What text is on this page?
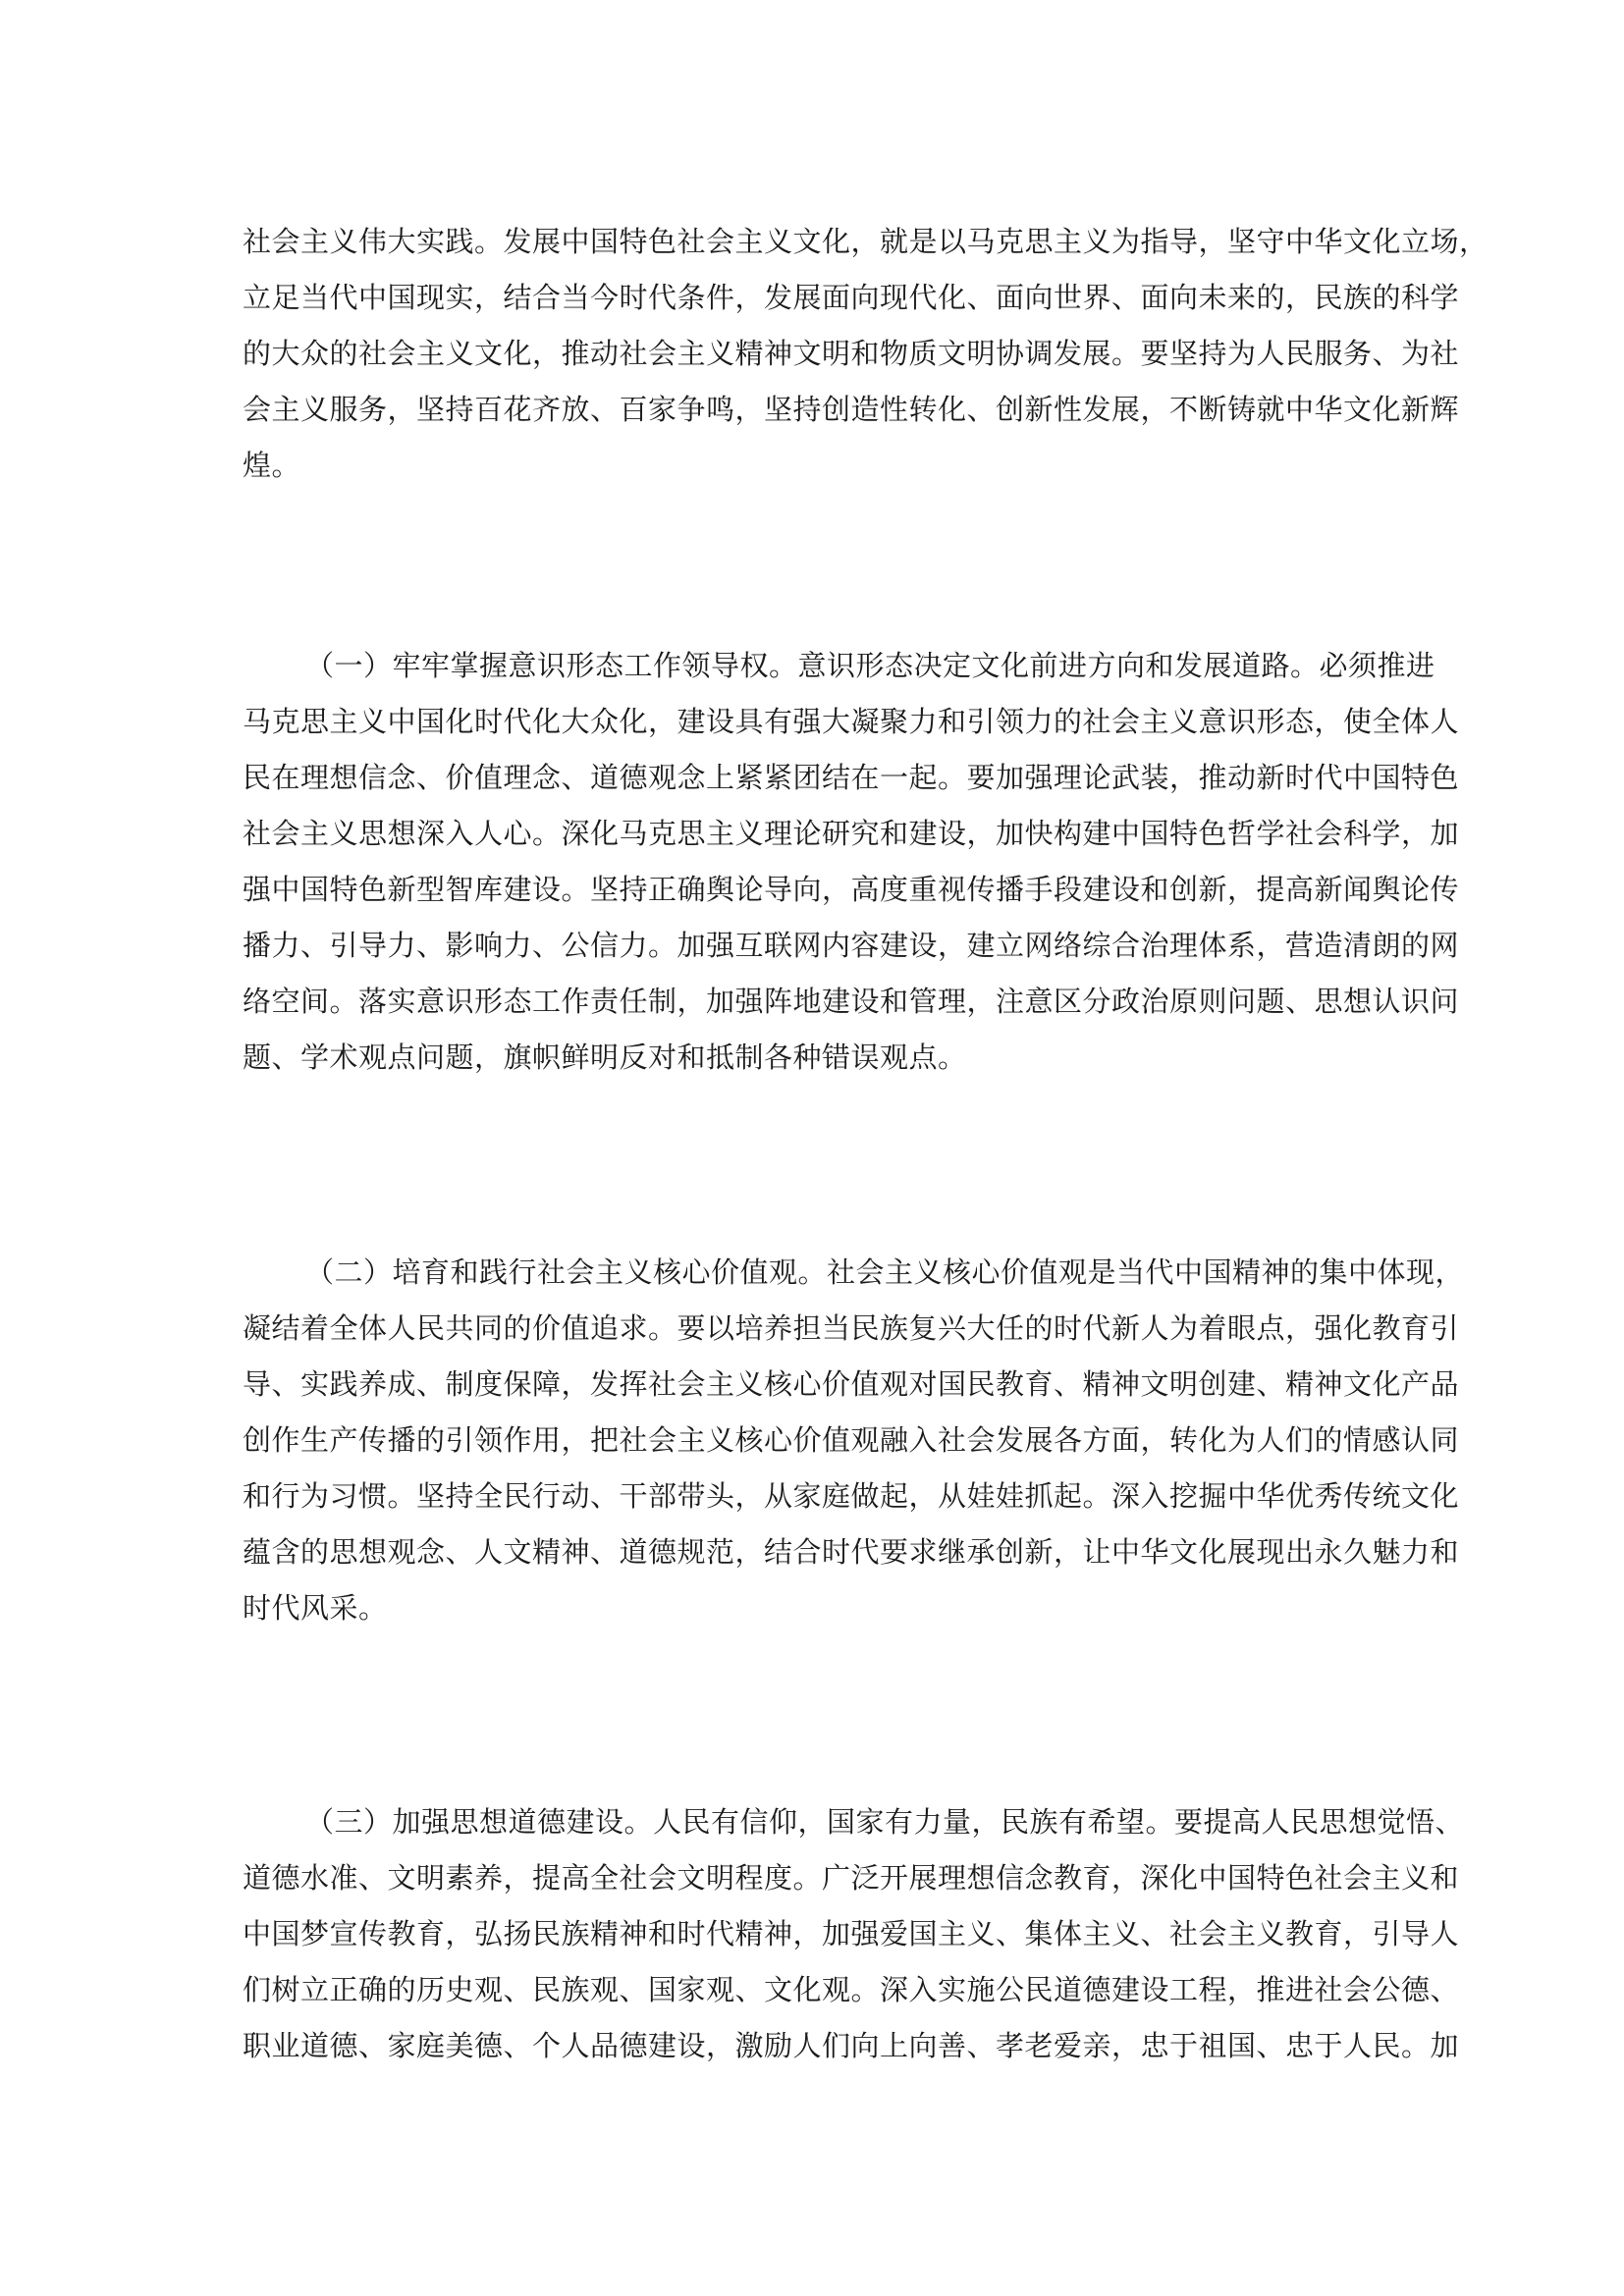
社会主义伟大实践。发展中国特色社会主义文化，就是以马克思主义为指导，坚守中华文化立场，
立足当代中国现实，结合当今时代条件，发展面向现代化、面向世界、面向未来的，民族的科学
的大众的社会主义文化，推动社会主义精神文明和物质文明协调发展。要坚持为人民服务、为社
会主义服务，坚持百花齐放、百家争鸣，坚持创造性转化、创新性发展，不断铸就中华文化新辉
煌。
（一）牢牢掌握意识形态工作领导权。意识形态决定文化前进方向和发展道路。必须推进
马克思主义中国化时代化大众化，建设具有强大凝聚力和引领力的社会主义意识形态，使全体人
民在理想信念、价值理念、道德观念上紧紧团结在一起。要加强理论武装，推动新时代中国特色
社会主义思想深入人心。深化马克思主义理论研究和建设，加快构建中国特色哲学社会科学，加
强中国特色新型智库建设。坚持正确舆论导向，高度重视传播手段建设和创新，提高新闻舆论传
播力、引导力、影响力、公信力。加强互联网内容建设，建立网络综合治理体系，营造清朗的网
络空间。落实意识形态工作责任制，加强阵地建设和管理，注意区分政治原则问题、思想认识问
题、学术观点问题，旗帜鲜明反对和抵制各种错误观点。
（二）培育和践行社会主义核心价值观。社会主义核心价值观是当代中国精神的集中体现，
凝结着全体人民共同的价值追求。要以培养担当民族复兴大任的时代新人为着眼点，强化教育引
导、实践养成、制度保障，发挥社会主义核心价值观对国民教育、精神文明创建、精神文化产品
创作生产传播的引领作用，把社会主义核心价值观融入社会发展各方面，转化为人们的情感认同
和行为习惯。坚持全民行动、干部带头，从家庭做起，从娃娃抓起。深入挖掘中华优秀传统文化
蕴含的思想观念、人文精神、道德规范，结合时代要求继承创新，让中华文化展现出永久魅力和
时代风采。
（三）加强思想道德建设。人民有信仰，国家有力量，民族有希望。要提高人民思想觉悟、
道德水准、文明素养，提高全社会文明程度。广泛开展理想信念教育，深化中国特色社会主义和
中国梦宣传教育，弘扬民族精神和时代精神，加强爱国主义、集体主义、社会主义教育，引导人
们树立正确的历史观、民族观、国家观、文化观。深入实施公民道德建设工程，推进社会公德、
职业道德、家庭美德、个人品德建设，激励人们向上向善、孝老爱亲，忠于祖国、忠于人民。加
